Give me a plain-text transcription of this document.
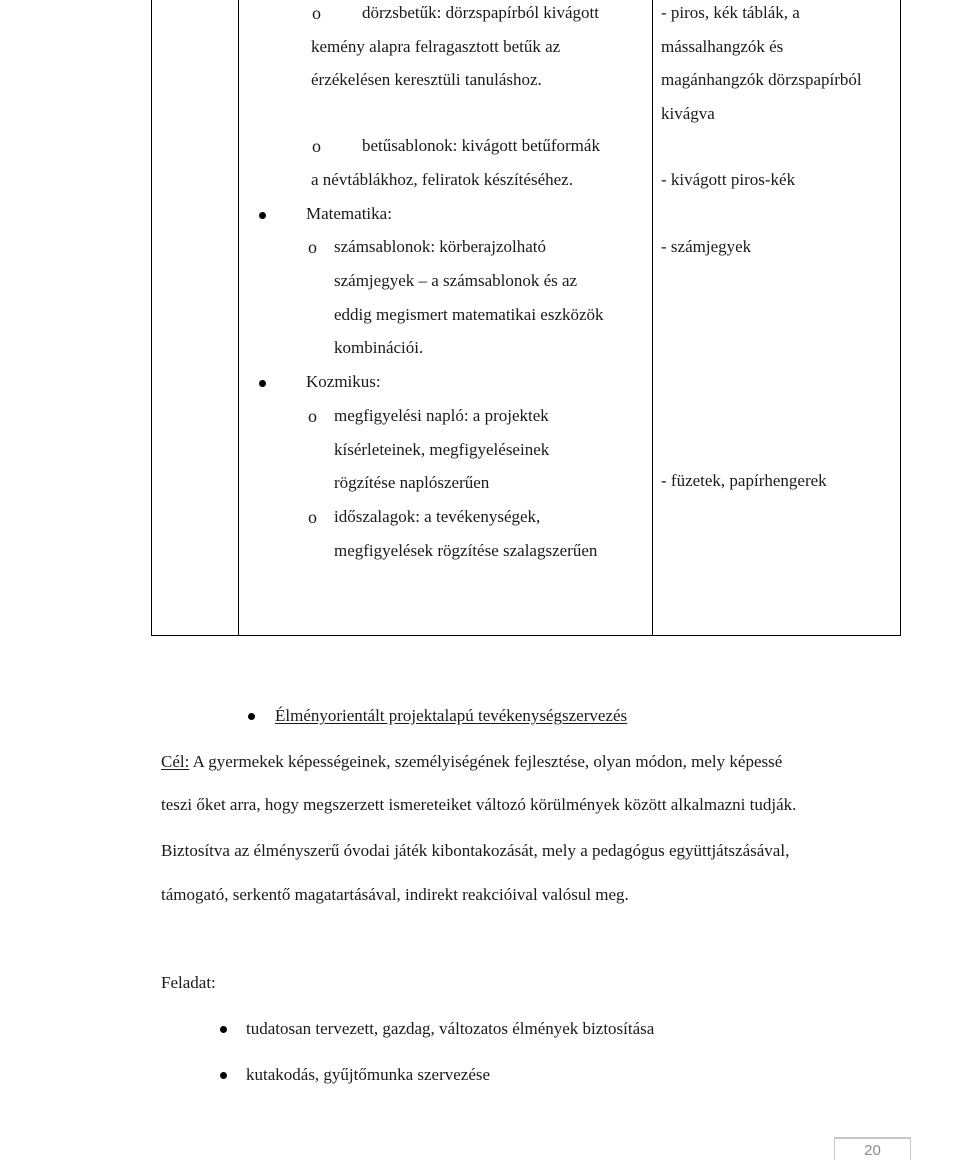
o dörzsbetűk: dörzspapírból kivágott
kemény alapra felragasztott betűk az
érzékelésen keresztüli tanuláshoz.
o betűsablonok: kivágott betűformák
a névtáblákhoz, feliratok készítéséhez.
Matematika:
o számsablonok: körberajzolható
számjegyek – a számsablonok és az
eddig megismert matematikai eszközök
kombinációi.
Kozmikus:
o megfigyelési napló: a projektek
kísérleteinek, megfigyeléseinek
rögzítése naplószerűen
o időszalagok: a tevékenységek,
megfigyelések rögzítése szalagszerűen
- piros, kék táblák, a
mássalhangzók és
magánhangzók dörzspapírból
kivágva
- kivágott piros-kék
- számjegyek
- füzetek, papírhengerek
Élményorientált projektalapú tevékenységszervezés
Cél: A gyermekek képességeinek, személyiségének fejlesztése, olyan módon, mely képessé
teszi őket arra, hogy megszerzett ismereteiket változó körülmények között alkalmazni tudják.
Biztosítva az élményszerű óvodai játék kibontakozását, mely a pedagógus együttjátszásával,
támogató, serkentő magatartásával, indirekt reakcióival valósul meg.
Feladat:
tudatosan tervezett, gazdag, változatos élmények biztosítása
kutakodás, gyűjtőmunka szervezése
20
